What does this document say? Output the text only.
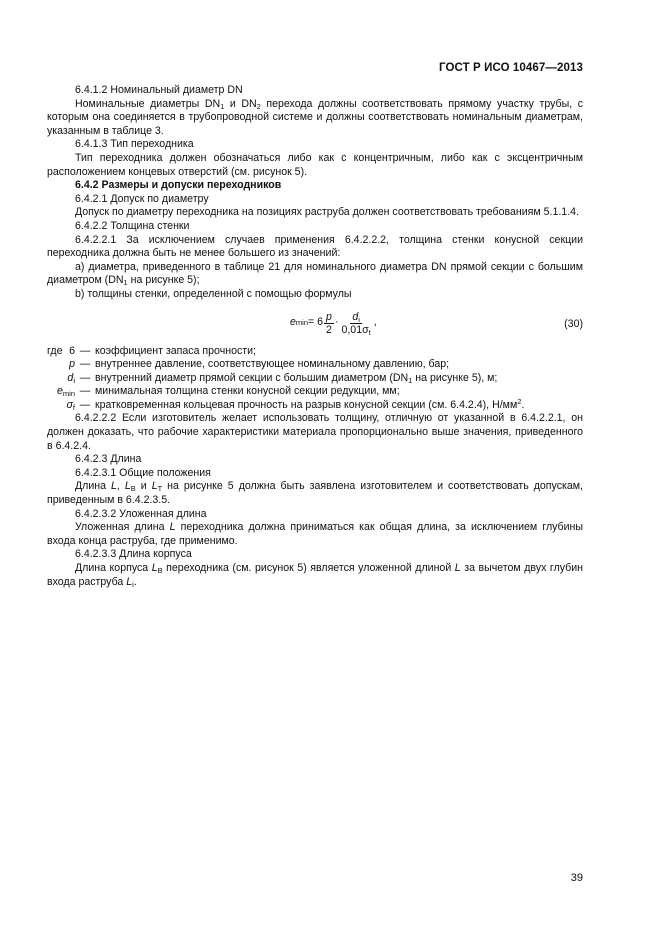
ГОСТ Р ИСО 10467—2013

6.4.1.2 Номинальный диаметр DN

Номинальные диаметры $DN_1$ и $DN_2$ перехода должны соответствовать прямому участку трубы, с которым она соединяется в трубопроводной системе и должны соответствовать номинальным диаметрам, указанным в таблице 3.

6.4.1.3 Тип переходника

Тип переходника должен обозначаться либо как с концентричным, либо как с эксцентричным расположением концевых отверстий (см. рисунок 5).

6.4.2 Размеры и допуски переходников

6.4.2.1 Допуск по диаметру

Допуск по диаметру переходника на позициях раструба должен соответствовать требованиям 5.1.1.4.

6.4.2.2 Толщина стенки

6.4.2.2.1 За исключением случаев применения 6.4.2.2.2, толщина стенки конусной секции переходника должна быть не менее большего из значений:

a) диаметра, приведенного в таблице 21 для номинального диаметра DN прямой секции с большим диаметром ($DN_1$ на рисунке 5);

b) толщины стенки, определенной с помощью формулы

e $\min = 6 \frac{p}{2} \cdot \frac{d_i}{0,01\sigma_t}$ ,	(30)
где 6 — коэффициент запаса прочности;
p — внутреннее давление, соответствующее номинальному давлению, бар;
$d_i$ — внутренний диаметр прямой секции с большим диаметром ($DN_1$ на рисунке 5), м;
$e_{min}$ — минимальная толщина стенки конусной секции редукции, мм;
$\sigma_f$ — кратковременная кольцевая прочность на разрыв конусной секции (см. 6.4.2.4), $Н/мм^2$.

6.4.2.2.2 Если изготовитель желает использовать толщину, отличную от указанной в 6.4.2.2.1, он должен доказать, что рабочие характеристики материала пропорционально выше значения, приведенного в 6.4.2.4.

6.4.2.3 Длина

6.4.2.3.1 Общие положения

Длина L, $L_B$ и $L_T$ на рисунке 5 должна быть заявлена изготовителем и соответствовать допускам, приведенным в 6.4.2.3.5.

6.4.2.3.2 Уложенная длина

Уложенная длина L переходника должна приниматься как общая длина, за исключением глубины входа конца раструба, где применимо.

6.4.2.3.3 Длина корпуса

Длина корпуса $L_B$ переходника (см. рисунок 5) является уложенной длиной L за вычетом двух глубин входа раструба $L_i$.

39
